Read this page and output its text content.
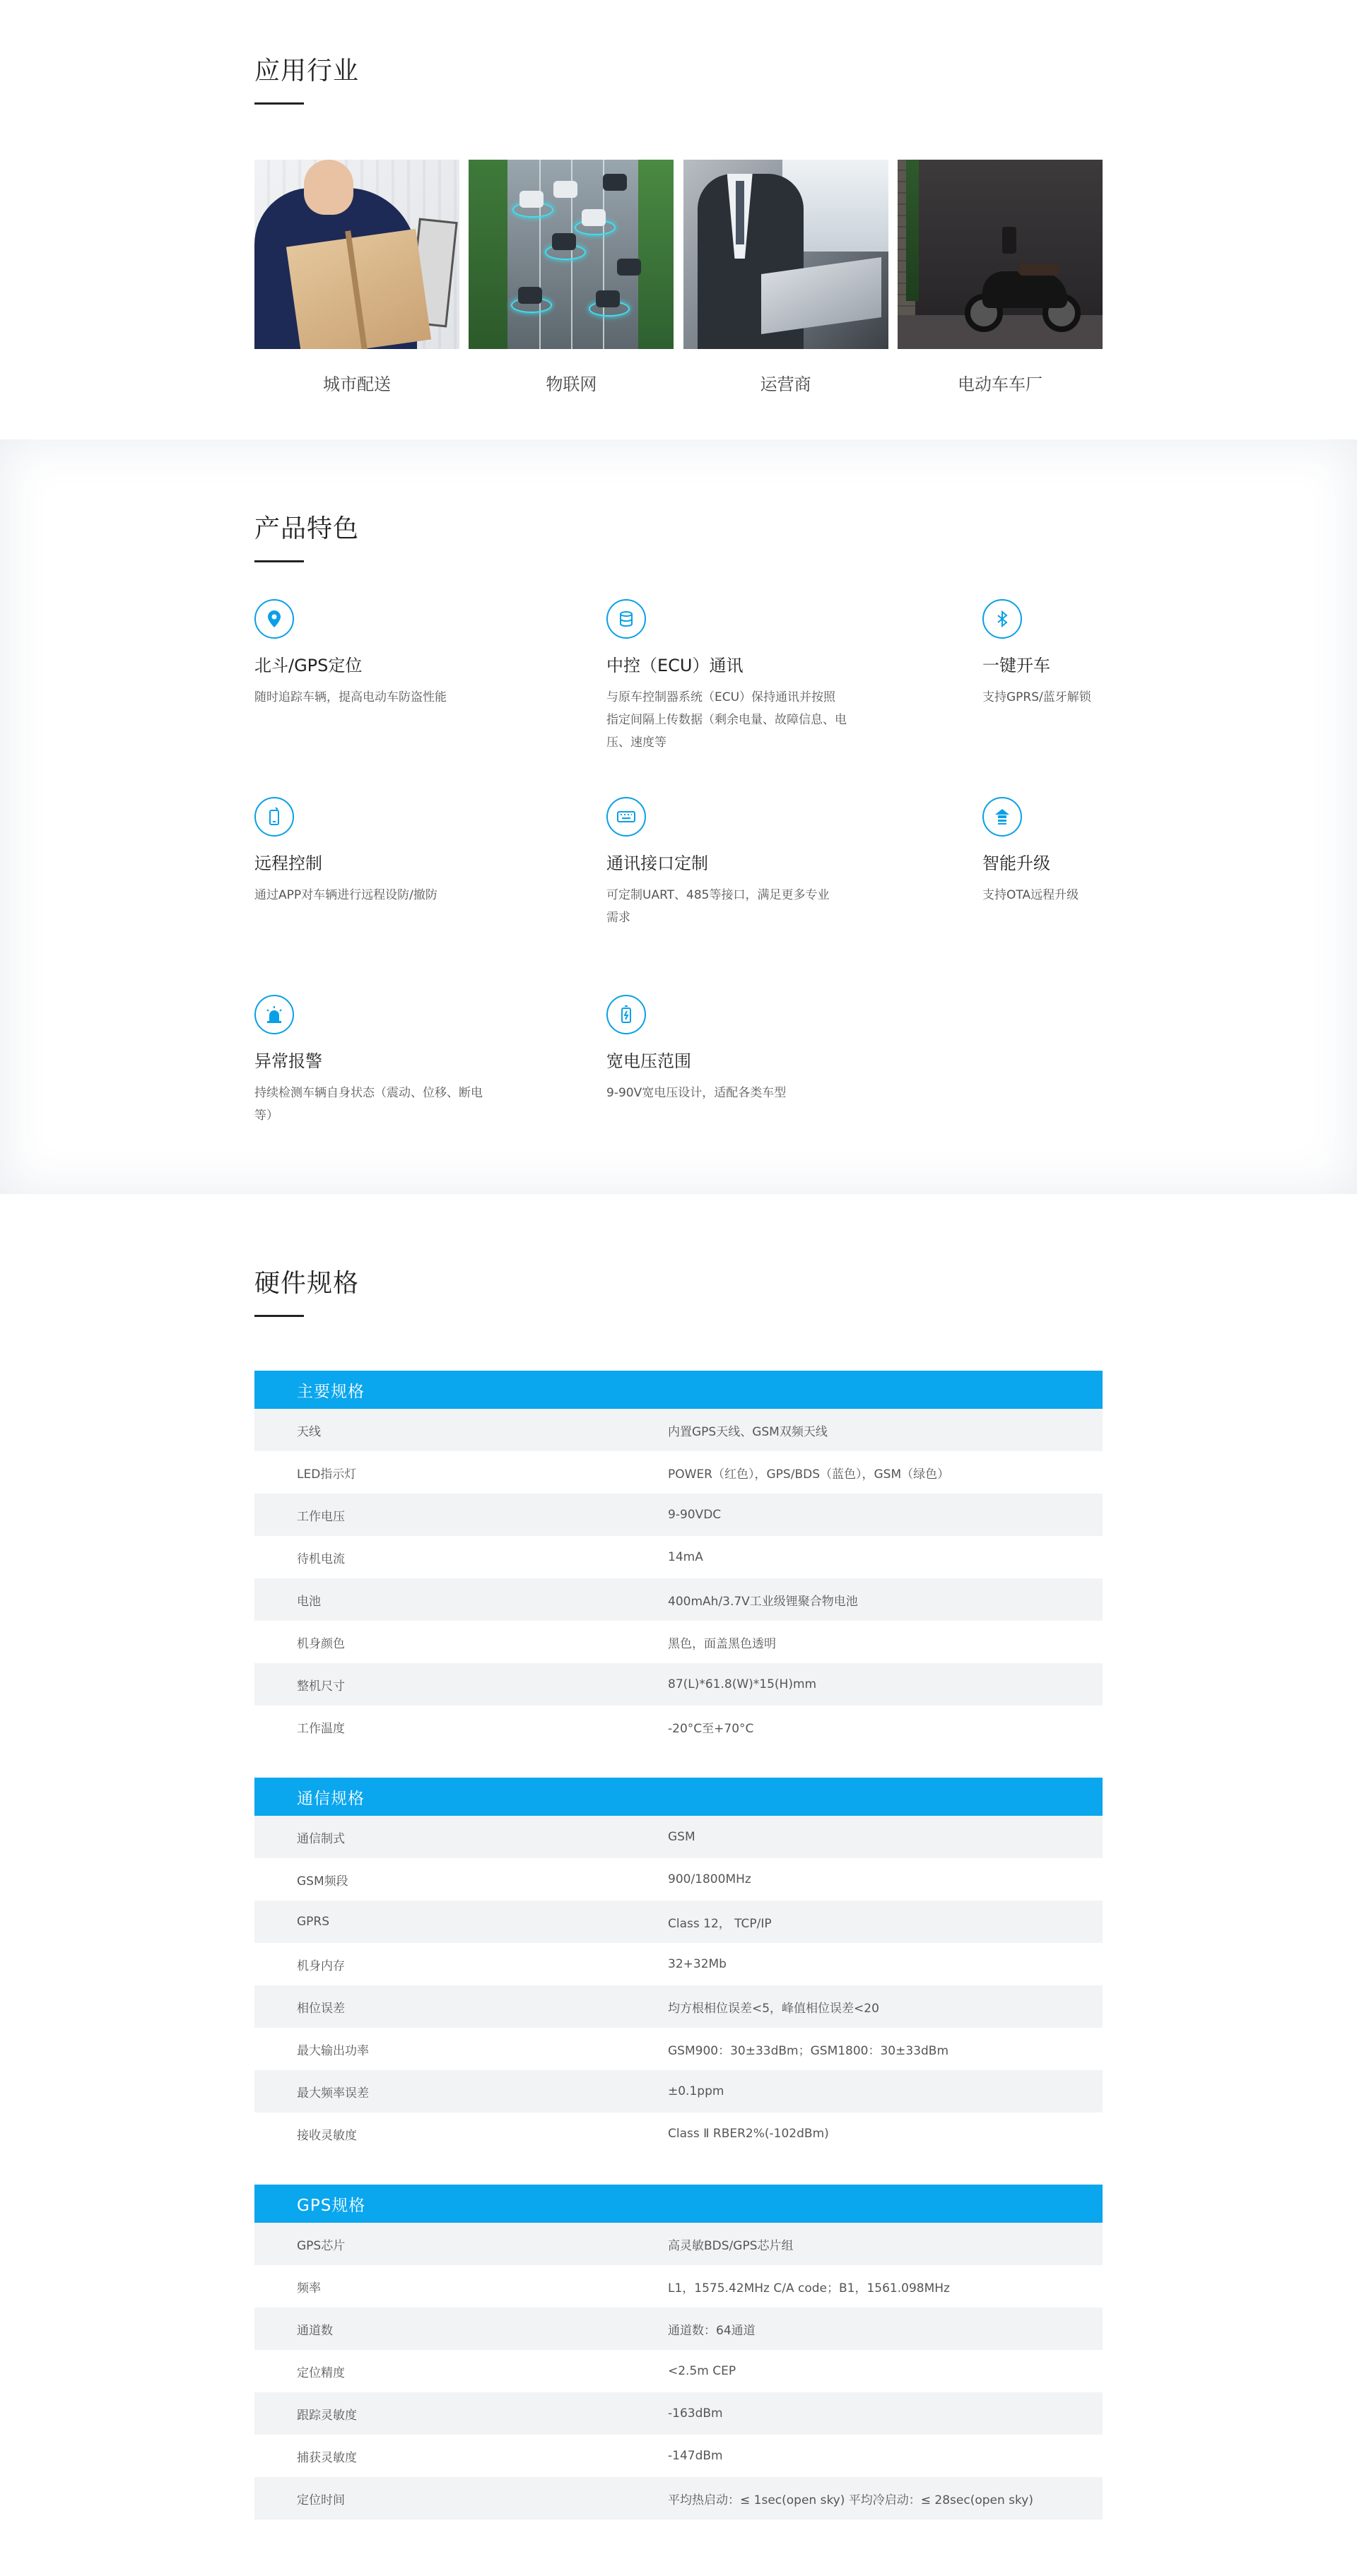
应用行业
城市配送	物联网	运营商	电动车车厂
产品特色
北斗/GPS定位
随时追踪车辆，提高电动车防盗性能
中控（ECU）通讯
与原车控制器系统（ECU）保持通讯并按照指定间隔上传数据（剩余电量、故障信息、电压、速度等
一键开车
支持GPRS/蓝牙解锁
远程控制
通过APP对车辆进行远程设防/撤防
通讯接口定制
可定制UART、485等接口，满足更多专业需求
智能升级
支持OTA远程升级
异常报警
持续检测车辆自身状态（震动、位移、断电等）
宽电压范围
9-90V宽电压设计，适配各类车型
硬件规格
主要规格
天线	内置GPS天线、GSM双频天线
LED指示灯	POWER（红色），GPS/BDS（蓝色），GSM（绿色）
工作电压	9-90VDC
待机电流	14mA
电池	400mAh/3.7V工业级锂聚合物电池
机身颜色	黑色，面盖黑色透明
整机尺寸	87(L)*61.8(W)*15(H)mm
工作温度	-20°C至+70°C
通信规格
通信制式	GSM
GSM频段	900/1800MHz
GPRS	Class 12， TCP/IP
机身内存	32+32Mb
相位误差	均方根相位误差<5，峰值相位误差<20
最大输出功率	GSM900：30±33dBm；GSM1800：30±33dBm
最大频率误差	±0.1ppm
接收灵敏度	Class Ⅱ RBER2%(-102dBm)
GPS规格
GPS芯片	高灵敏BDS/GPS芯片组
频率	L1，1575.42MHz C/A code；B1，1561.098MHz
通道数	通道数：64通道
定位精度	<2.5m CEP
跟踪灵敏度	-163dBm
捕获灵敏度	-147dBm
定位时间	平均热启动：≤ 1sec(open sky) 平均冷启动：≤ 28sec(open sky)
